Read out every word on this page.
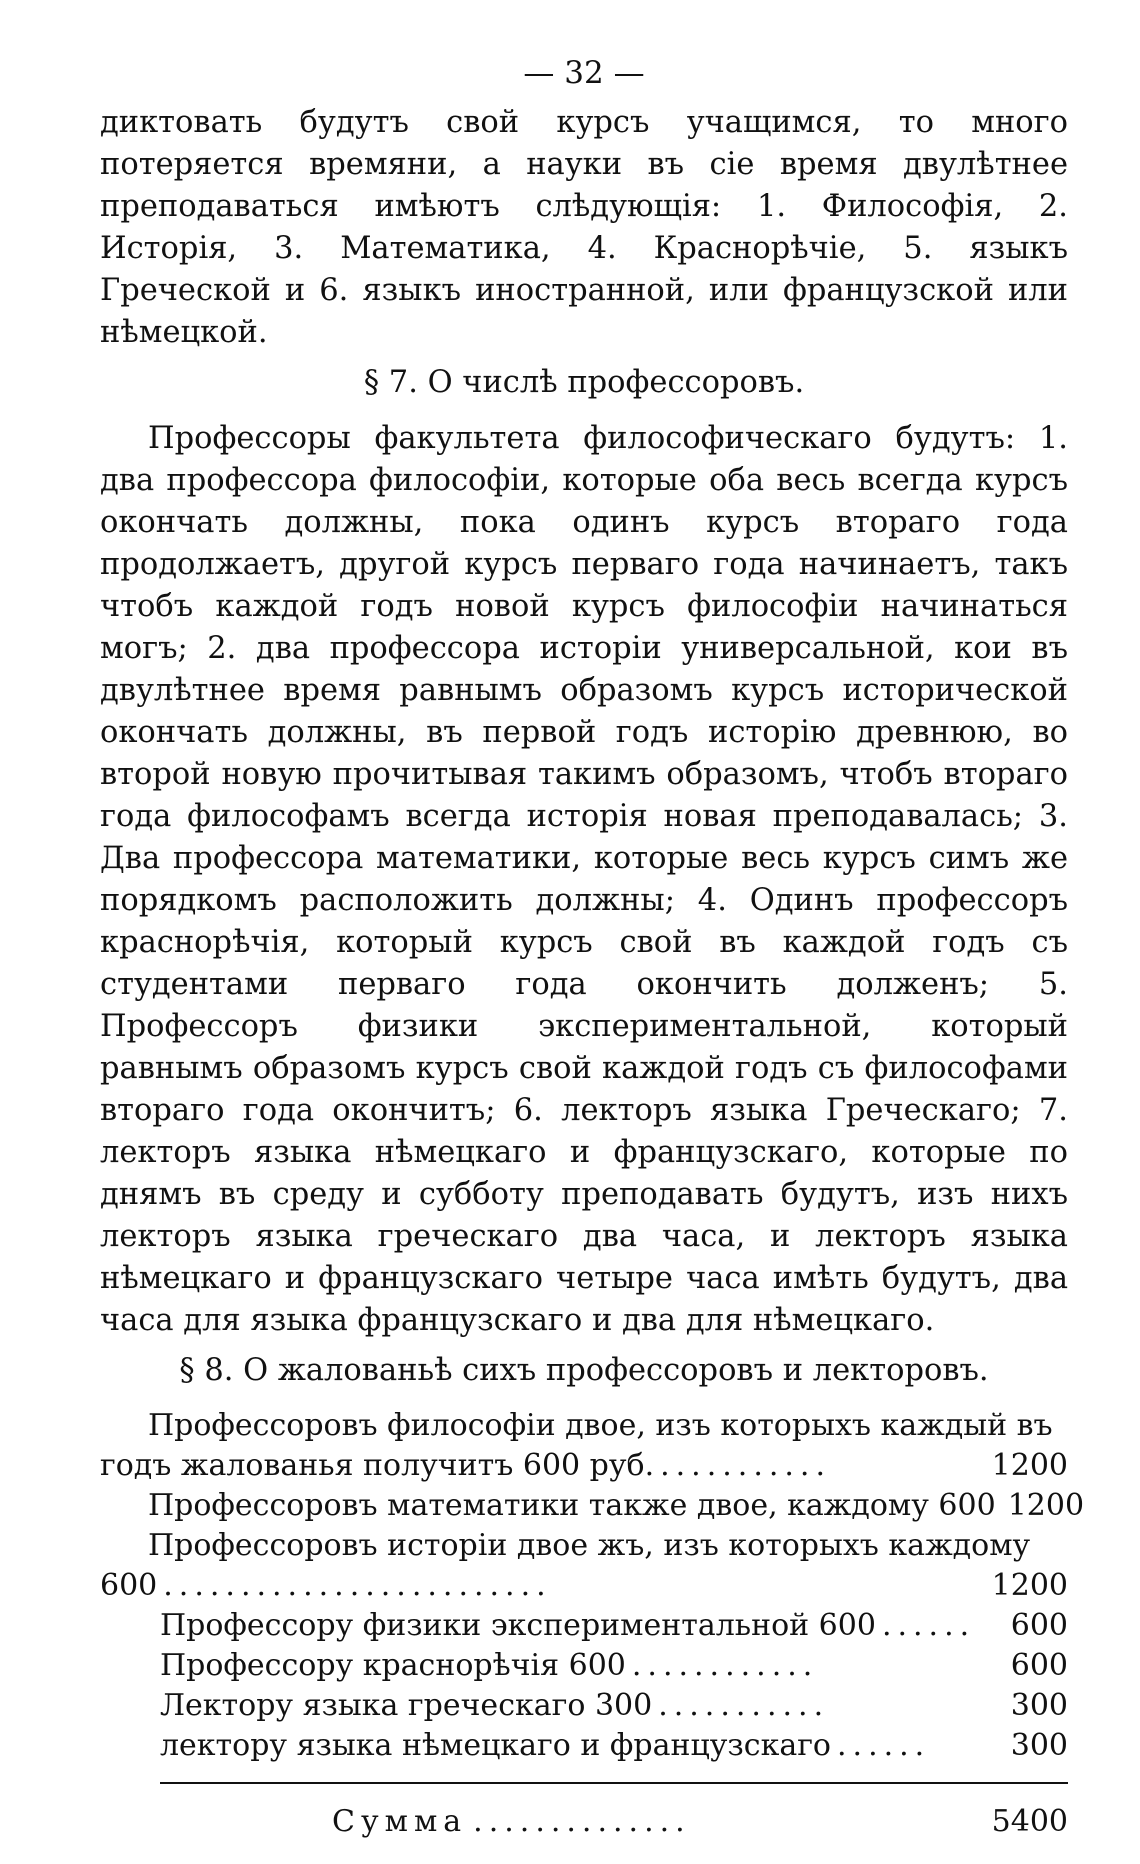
— 32 —

диктовать будутъ свой курсъ учащимся, то много потеряется времяни, а науки въ сіе время двулѣтнее преподаваться имѣютъ слѣдующія: 1. Философія, 2. Исторія, 3. Математика, 4. Краснорѣчіе, 5. языкъ Греческой и 6. языкъ иностранной, или французской или нѣмецкой.

§ 7. О числѣ профессоровъ.

Профессоры факультета философическаго будутъ: 1. два профессора философіи, которые оба весь всегда курсъ окончать должны, пока одинъ курсъ втораго года продолжаетъ, другой курсъ перваго года начинаетъ, такъ чтобъ каждой годъ новой курсъ философіи начинаться могъ; 2. два профессора исторіи универсальной, кои въ двулѣтнее время равнымъ образомъ курсъ исторической окончать должны, въ первой годъ исторію древнюю, во второй новую прочитывая такимъ образомъ, чтобъ втораго года философамъ всегда исторія новая преподавалась; 3. Два профессора математики, которые весь курсъ симъ же порядкомъ расположить должны; 4. Одинъ профессоръ краснорѣчія, который курсъ свой въ каждой годъ съ студентами перваго года окончить долженъ; 5. Профессоръ физики экспериментальной, который равнымъ образомъ курсъ свой каждой годъ съ философами втораго года окончитъ; 6. лекторъ языка Греческаго; 7. лекторъ языка нѣмецкаго и французскаго, которые по днямъ въ среду и субботу преподавать будутъ, изъ нихъ лекторъ языка греческаго два часа, и лекторъ языка нѣмецкаго и французскаго четыре часа имѣть будутъ, два часа для языка французскаго и два для нѣмецкаго.

§ 8. О жалованьѣ сихъ профессоровъ и лекторовъ.
Профессоровъ философіи двое, изъ которыхъ каждый въ
годъ жалованья получитъ 600 руб. ...........	1200
Профессоровъ математики также двое, каждому 600 1200
Профессоровъ исторіи двое жъ, изъ которыхъ каждому
600 .........................	1200
Профессору физики экспериментальной 600 ......	600
Профессору краснорѣчія 600 ............	600
Лектору языка греческаго 300 ...........	300
лектору языка нѣмецкаго и французскаго ......	300
Сумма ..............	5400
